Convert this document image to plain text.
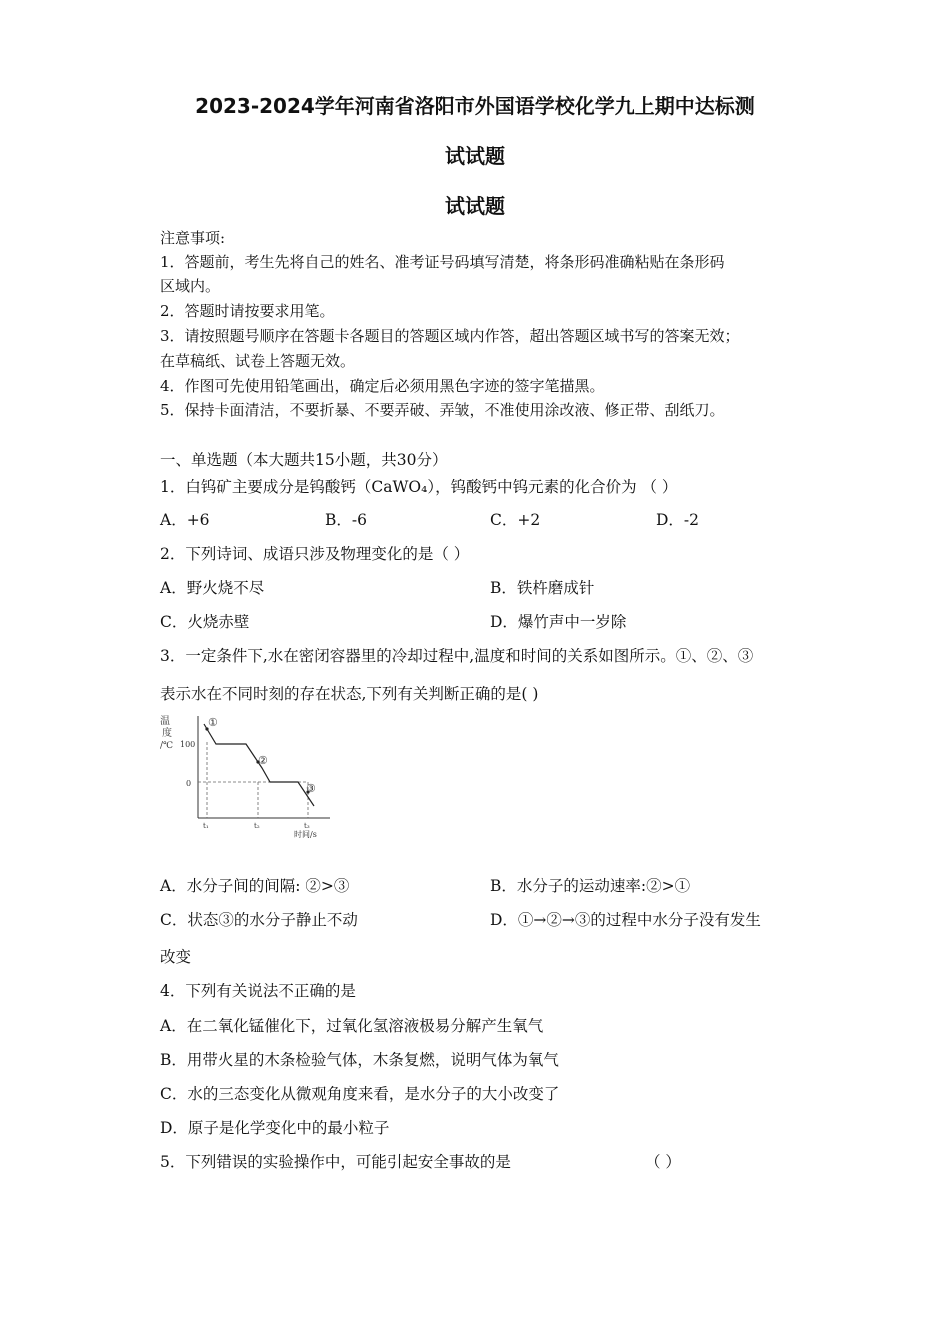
2023-2024学年河南省洛阳市外国语学校化学九上期中达标测
试试题
试试题
注意事项:
1．答题前，考生先将自己的姓名、准考证号码填写清楚，将条形码准确粘贴在条形码
区域内。
2．答题时请按要求用笔。
3．请按照题号顺序在答题卡各题目的答题区域内作答，超出答题区域书写的答案无效；
在草稿纸、试卷上答题无效。
4．作图可先使用铅笔画出，确定后必须用黑色字迹的签字笔描黑。
5．保持卡面清洁，不要折暴、不要弄破、弄皱，不准使用涂改液、修正带、刮纸刀。
一、单选题（本大题共15小题，共30分）
1．白钨矿主要成分是钨酸钙（CaWO₄），钨酸钙中钨元素的化合价为 （ ）
A．+6	B．-6	C．+2	D．-2
2．下列诗词、成语只涉及物理变化的是（ ）
A．野火烧不尽	B．铁杵磨成针
C．火烧赤壁	D．爆竹声中一岁除
3．一定条件下,水在密闭容器里的冷却过程中,温度和时间的关系如图所示。①、②、③
表示水在不同时刻的存在状态,下列有关判断正确的是( )
温
度
/℃ 100
0
①
②
③
t₁	t₂	t₃
时间/s
A．水分子间的间隔: ②>③	B．水分子的运动速率:②>①
C．状态③的水分子静止不动	D．①→②→③的过程中水分子没有发生
改变
4．下列有关说法不正确的是
A．在二氧化锰催化下，过氧化氢溶液极易分解产生氧气
B．用带火星的木条检验气体，木条复燃，说明气体为氧气
C．水的三态变化从微观角度来看，是水分子的大小改变了
D．原子是化学变化中的最小粒子
5．下列错误的实验操作中，可能引起安全事故的是	（ ）
